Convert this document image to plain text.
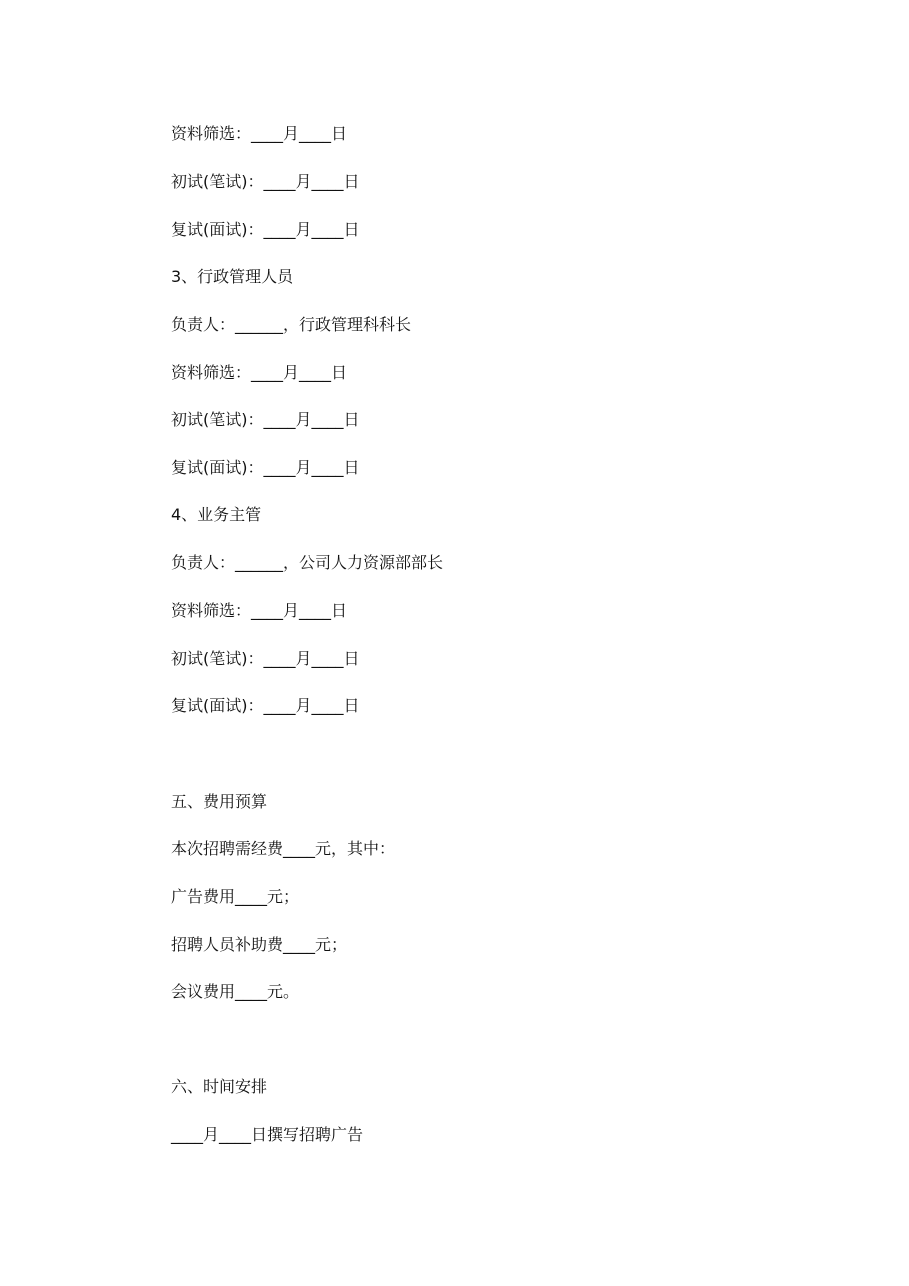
资料筛选：____月____日
初试(笔试)：____月____日
复试(面试)：____月____日
3、行政管理人员
负责人：______，行政管理科科长
资料筛选：____月____日
初试(笔试)：____月____日
复试(面试)：____月____日
4、业务主管
负责人：______，公司人力资源部部长
资料筛选：____月____日
初试(笔试)：____月____日
复试(面试)：____月____日
五、费用预算
本次招聘需经费____元，其中：
广告费用____元；
招聘人员补助费____元；
会议费用____元。
六、时间安排
____月____日撰写招聘广告
